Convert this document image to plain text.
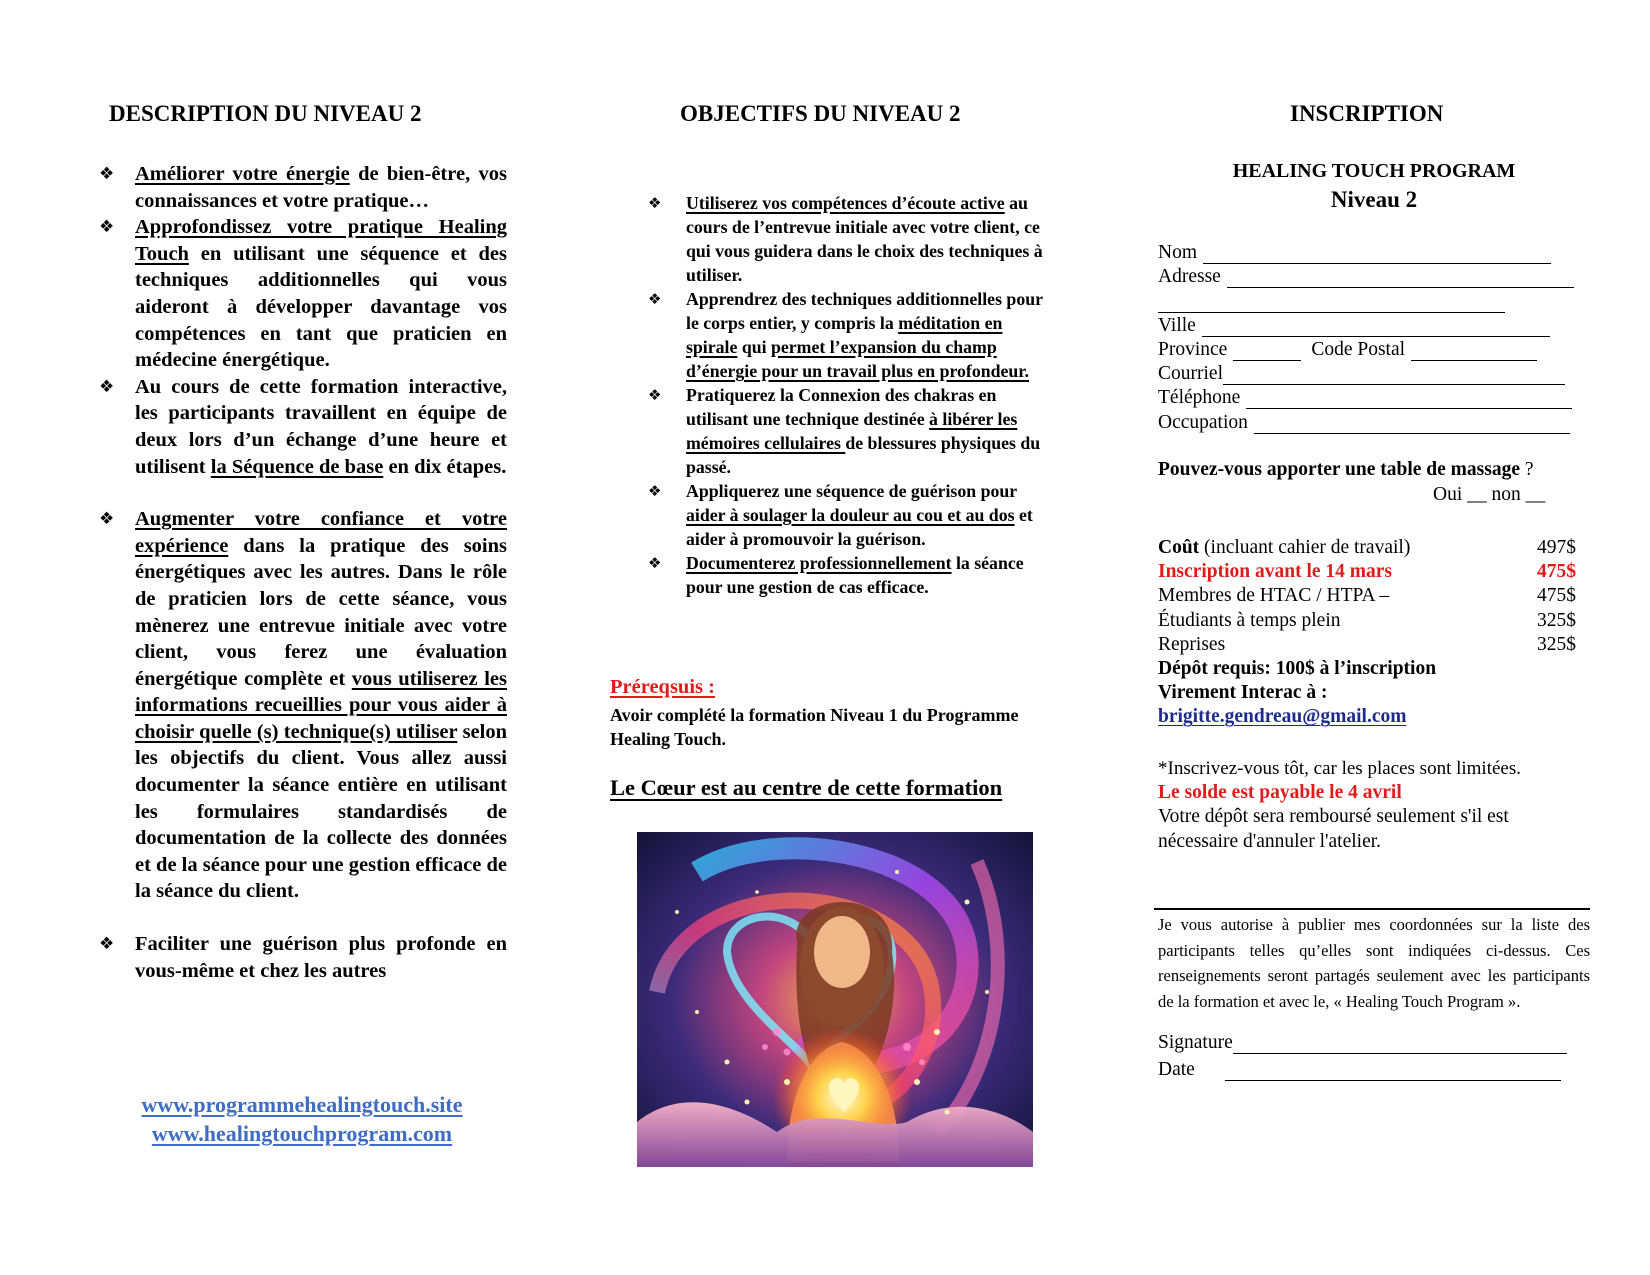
DESCRIPTION DU NIVEAU 2
❖ Améliorer votre énergie de bien-être, vos connaissances et votre pratique…
❖ Approfondissez votre pratique Healing Touch en utilisant une séquence et des techniques additionnelles qui vous aideront à développer davantage vos compétences en tant que praticien en médecine énergétique.
❖ Au cours de cette formation interactive, les participants travaillent en équipe de deux lors d’un échange d’une heure et utilisent la Séquence de base en dix étapes.
❖ Augmenter votre confiance et votre expérience dans la pratique des soins énergétiques avec les autres. Dans le rôle de praticien lors de cette séance, vous mènerez une entrevue initiale avec votre client, vous ferez une évaluation énergétique complète et vous utiliserez les informations recueillies pour vous aider à choisir quelle (s) technique(s) utiliser selon les objectifs du client. Vous allez aussi documenter la séance entière en utilisant les formulaires standardisés de documentation de la collecte des données et de la séance pour une gestion efficace de la séance du client.
❖ Faciliter une guérison plus profonde en vous-même et chez les autres
www.programmehealingtouch.site
www.healingtouchprogram.com
OBJECTIFS DU NIVEAU 2
❖ Utiliserez vos compétences d’écoute active au cours de l’entrevue initiale avec votre client, ce qui vous guidera dans le choix des techniques à utiliser.
❖ Apprendrez des techniques additionnelles pour le corps entier, y compris la méditation en spirale qui permet l’expansion du champ d’énergie pour un travail plus en profondeur.
❖ Pratiquerez la Connexion des chakras en utilisant une technique destinée à libérer les mémoires cellulaires de blessures physiques du passé.
❖ Appliquerez une séquence de guérison pour aider à soulager la douleur au cou et au dos et aider à promouvoir la guérison.
❖ Documenterez professionnellement la séance pour une gestion de cas efficace.
Préreqsuis :
Avoir complété la formation Niveau 1 du Programme Healing Touch.
Le Cœur est au centre de cette formation
INSCRIPTION
HEALING TOUCH PROGRAM
Niveau 2
Nom
Adresse
Ville
Province	Code Postal
Courriel
Téléphone
Occupation
Pouvez-vous apporter une table de massage ?
Oui __ non __
Coût (incluant cahier de travail)	497$
Inscription avant le 14 mars	475$
Membres de HTAC / HTPA –	475$
Étudiants à temps plein	325$
Reprises	325$
Dépôt requis: 100$ à l’inscription
Virement Interac à :
brigitte.gendreau@gmail.com
*Inscrivez-vous tôt, car les places sont limitées.
Le solde est payable le 4 avril
Votre dépôt sera remboursé seulement s'il est nécessaire d'annuler l'atelier.
Je vous autorise à publier mes coordonnées sur la liste des participants telles qu’elles sont indiquées ci-dessus. Ces renseignements seront partagés seulement avec les participants de la formation et avec le, « Healing Touch Program ».
Signature
Date
